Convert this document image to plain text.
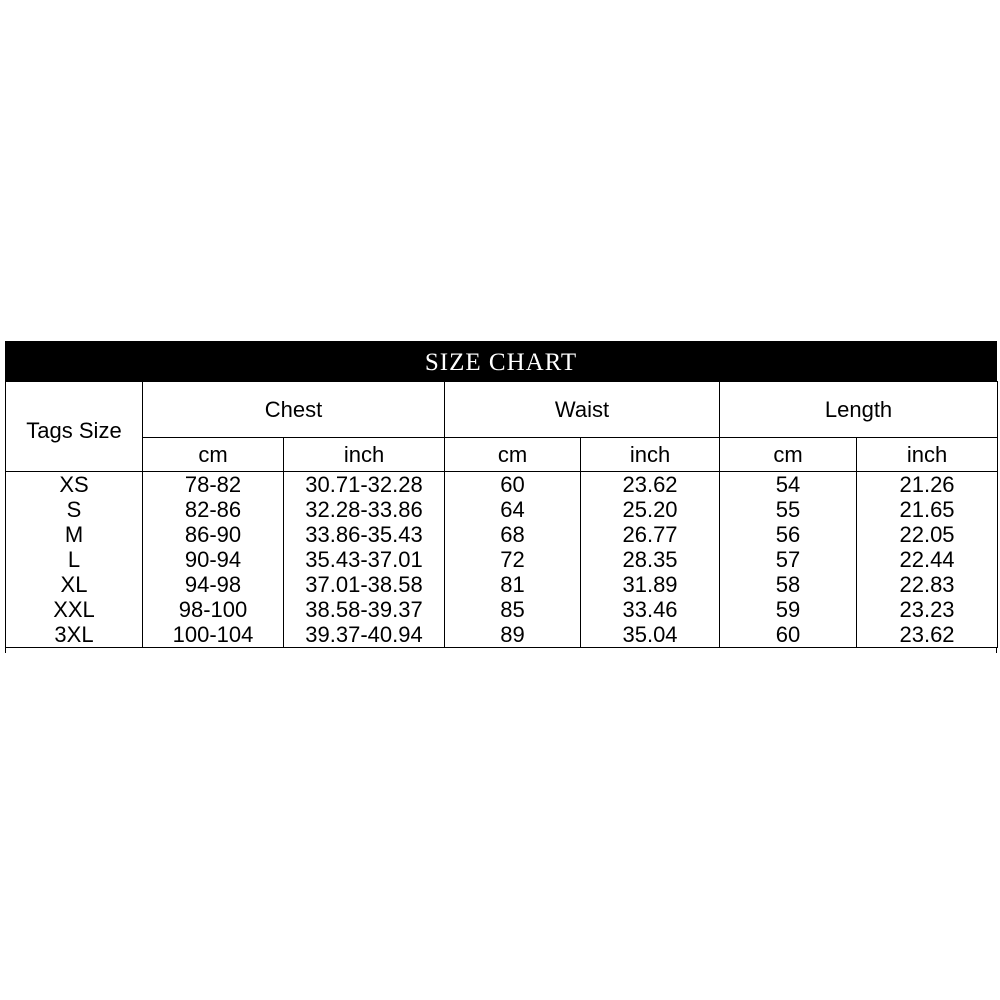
SIZE CHART
Tags Size	Chest		Waist		Length	
	cm	inch	cm	inch	cm	inch
XS	78-82	30.71-32.28	60	23.62	54	21.26
S	82-86	32.28-33.86	64	25.20	55	21.65
M	86-90	33.86-35.43	68	26.77	56	22.05
L	90-94	35.43-37.01	72	28.35	57	22.44
XL	94-98	37.01-38.58	81	31.89	58	22.83
XXL	98-100	38.58-39.37	85	33.46	59	23.23
3XL	100-104	39.37-40.94	89	35.04	60	23.62
